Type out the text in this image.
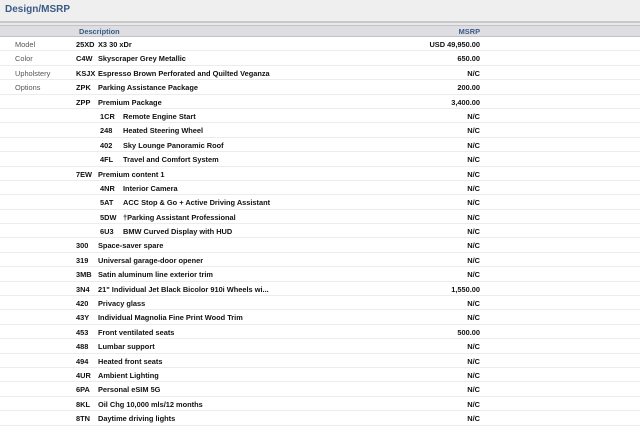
Design/MSRP
Description	MSRP
Model	25XD X3 30 xDr	USD 49,950.00
Color	C4W Skyscraper Grey Metallic	650.00
Upholstery	KSJX Espresso Brown Perforated and Quilted Veganza	N/C
Options	ZPK Parking Assistance Package	200.00
ZPP Premium Package	3,400.00
1CR Remote Engine Start	N/C
248 Heated Steering Wheel	N/C
402 Sky Lounge Panoramic Roof	N/C
4FL Travel and Comfort System	N/C
7EW Premium content 1	N/C
4NR Interior Camera	N/C
5AT ACC Stop & Go + Active Driving Assistant	N/C
5DW †Parking Assistant Professional	N/C
6U3 BMW Curved Display with HUD	N/C
300 Space-saver spare	N/C
319 Universal garage-door opener	N/C
3MB Satin aluminum line exterior trim	N/C
3N4 21" Individual Jet Black Bicolor 910i Wheels wi...	1,550.00
420 Privacy glass	N/C
43Y Individual Magnolia Fine Print Wood Trim	N/C
453 Front ventilated seats	500.00
488 Lumbar support	N/C
494 Heated front seats	N/C
4UR Ambient Lighting	N/C
6PA Personal eSIM 5G	N/C
8KL Oil Chg 10,000 mls/12 months	N/C
8TN Daytime driving lights	N/C
